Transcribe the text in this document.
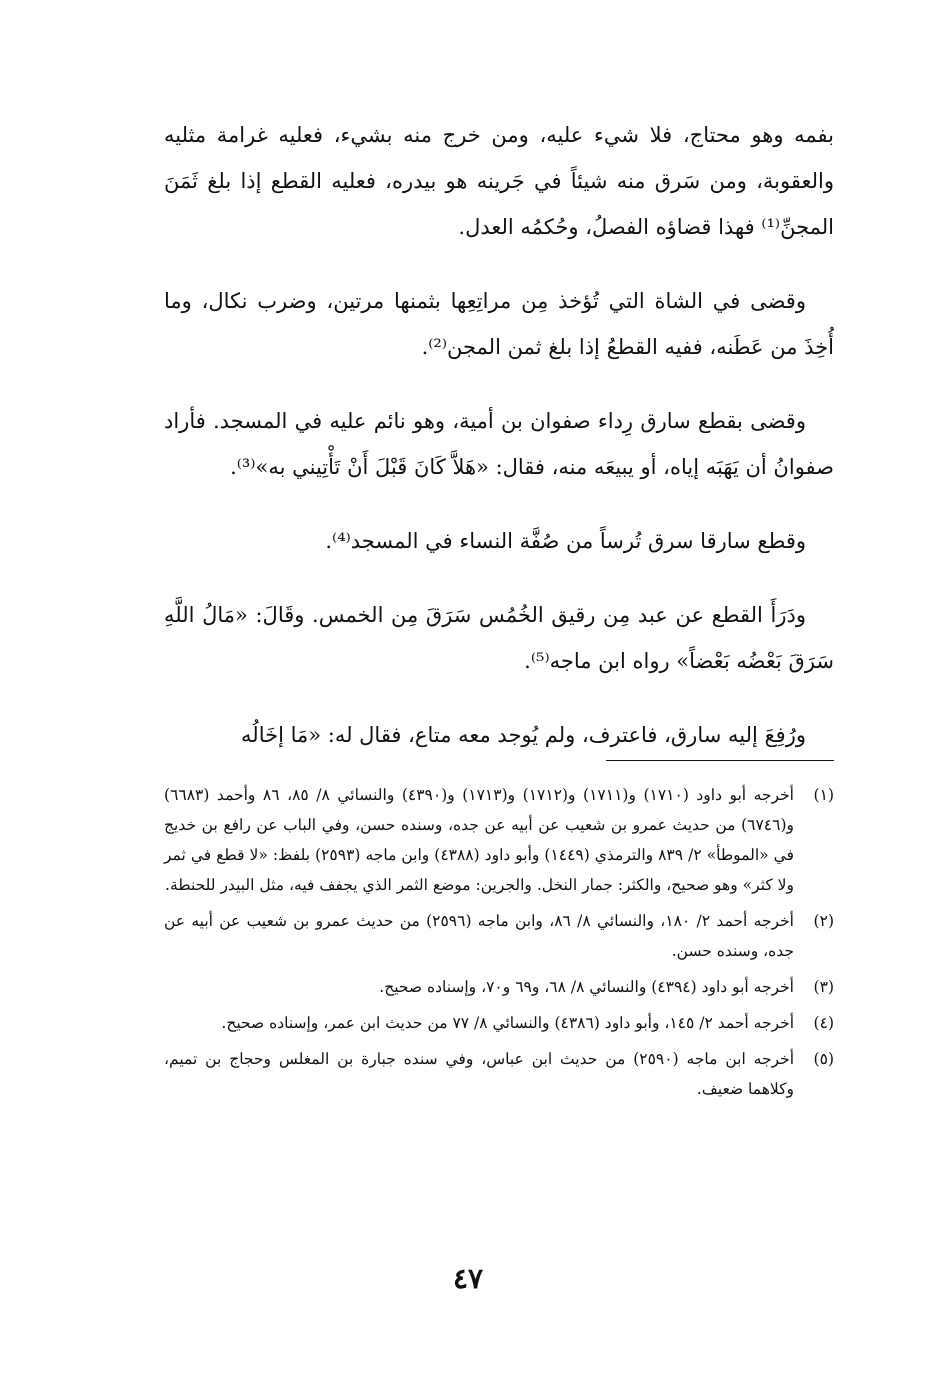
بفمه وهو محتاج، فلا شيء عليه، ومن خرج منه بشيء، فعليه غرامة مثليه والعقوبة، ومن سَرق منه شيئاً في جَرينه هو بيدره، فعليه القطع إذا بلغ ثَمَنَ المجنِّ⁽¹⁾ فهذا قضاؤه الفصلُ، وحُكمُه العدل.

وقضى في الشاة التي تُؤخذ مِن مراتِعِها بثمنها مرتين، وضرب نكال، وما أُخِذَ من عَطَنه، ففيه القطعُ إذا بلغ ثمن المجن⁽²⁾.

وقضى بقطع سارق رِداء صفوان بن أمية، وهو نائم عليه في المسجد. فأراد صفوانُ أن يَهَبَه إياه، أو يبيعَه منه، فقال: «هَلاَّ كَانَ قَبْلَ أَنْ تَأْتِيني به»⁽³⁾.

وقطع سارقا سرق تُرساً من صُفَّة النساء في المسجد⁽⁴⁾.

ودَرَأَ القطع عن عبد مِن رقيق الخُمُس سَرَقَ مِن الخمس. وقَالَ: «مَالُ اللَّهِ سَرَقَ بَعْضُه بَعْضاً» رواه ابن ماجه⁽⁵⁾.

ورُفِعَ إليه سارق، فاعترف، ولم يُوجد معه متاع، فقال له: «مَا إخَالُه

(١)
أخرجه أبو داود (١٧١٠) و(١٧١١) و(١٧١٢) و(١٧١٣) و(٤٣٩٠) والنسائي ٨/ ٨٥، ٨٦ وأحمد (٦٦٨٣) و(٦٧٤٦) من حديث عمرو بن شعيب عن أبيه عن جده، وسنده حسن، وفي الباب عن رافع بن خديج في «الموطأ» ٢/ ٨٣٩ والترمذي (١٤٤٩) وأبو داود (٤٣٨٨) وابن ماجه (٢٥٩٣) بلفظ: «لا قطع في ثمر ولا كثر» وهو صحيح، والكثر: جمار النخل. والجرين: موضع الثمر الذي يجفف فيه، مثل البيدر للحنطة.
(٢)
أخرجه أحمد ٢/ ١٨٠، والنسائي ٨/ ٨٦، وابن ماجه (٢٥٩٦) من حديث عمرو بن شعيب عن أبيه عن جده، وسنده حسن.
(٣)
أخرجه أبو داود (٤٣٩٤) والنسائي ٨/ ٦٨، و٦٩ و٧٠، وإسناده صحيح.
(٤)
أخرجه أحمد ٢/ ١٤٥، وأبو داود (٤٣٨٦) والنسائي ٨/ ٧٧ من حديث ابن عمر، وإسناده صحيح.
(٥)
أخرجه ابن ماجه (٢٥٩٠) من حديث ابن عباس، وفي سنده جبارة بن المغلس وحجاج بن تميم، وكلاهما ضعيف.
٤٧
